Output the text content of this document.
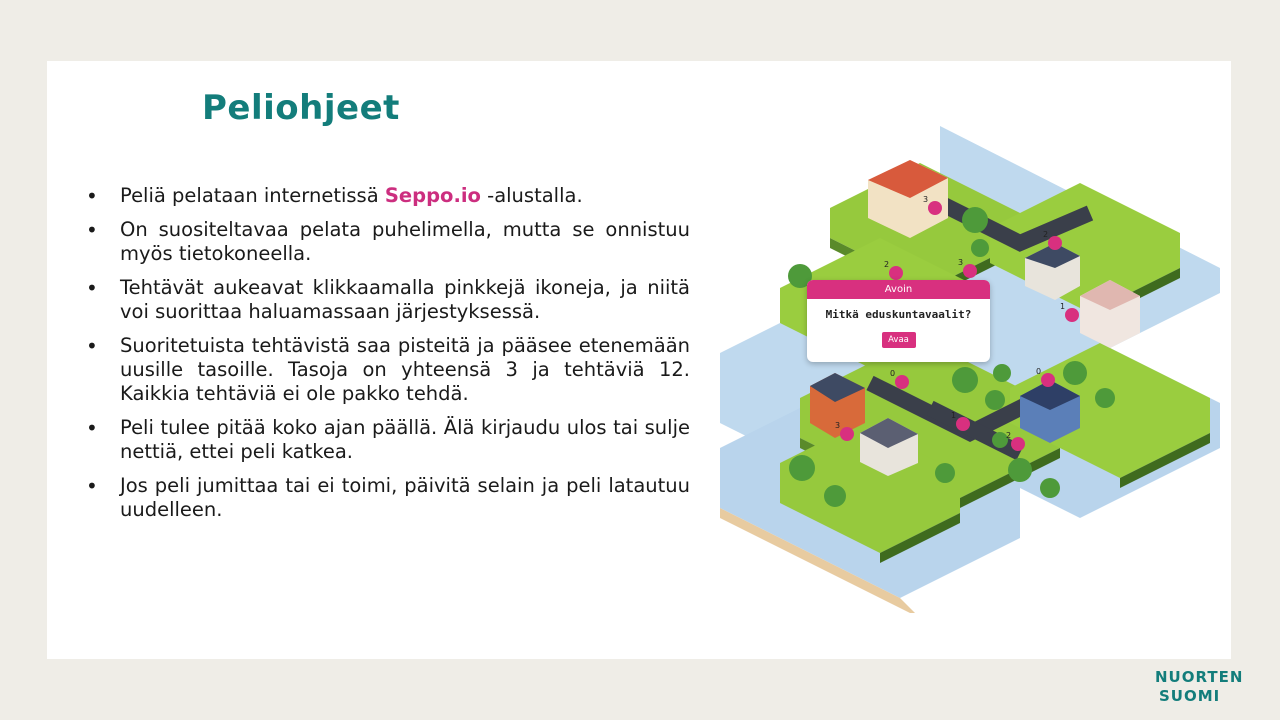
Peliohjeet
• Peliä pelataan internetissä Seppo.io -alustalla.
• On suositeltavaa pelata puhelimella, mutta se onnistuu myös tietokoneella.
• Tehtävät aukeavat klikkaamalla pinkkejä ikoneja, ja niitä voi suorittaa haluamassaan järjestyksessä.
• Suoritetuista tehtävistä saa pisteitä ja pääsee etenemään uusille tasoille. Tasoja on yhteensä 3 ja tehtäviä 12. Kaikkia tehtäviä ei ole pakko tehdä.
• Peli tulee pitää koko ajan päällä. Älä kirjaudu ulos tai sulje nettiä, ettei peli katkea.
• Jos peli jumittaa tai ei toimi, päivitä selain ja peli latautuu uudelleen.
3
2
3
2
1
0	0
1
3
2
Avoin
Mitkä eduskuntavaalit?
Avaa
NUORTEN
SUOMI
